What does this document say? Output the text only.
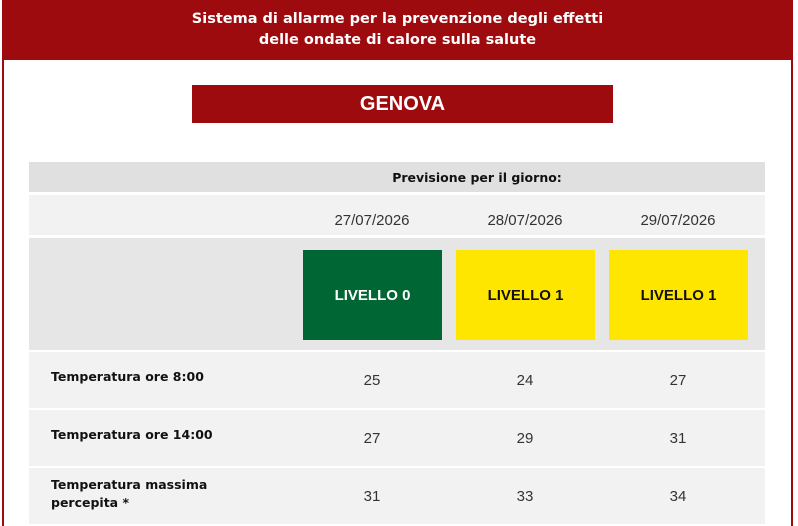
Sistema di allarme per la prevenzione degli effetti
delle ondate di calore sulla salute
GENOVA
Previsione per il giorno:
27/07/2026	28/07/2026	29/07/2026
LIVELLO 0	LIVELLO 1	LIVELLO 1
Temperatura ore 8:00	25	24	27
Temperatura ore 14:00	27	29	31
Temperatura massima
percepita *	31	33	34
